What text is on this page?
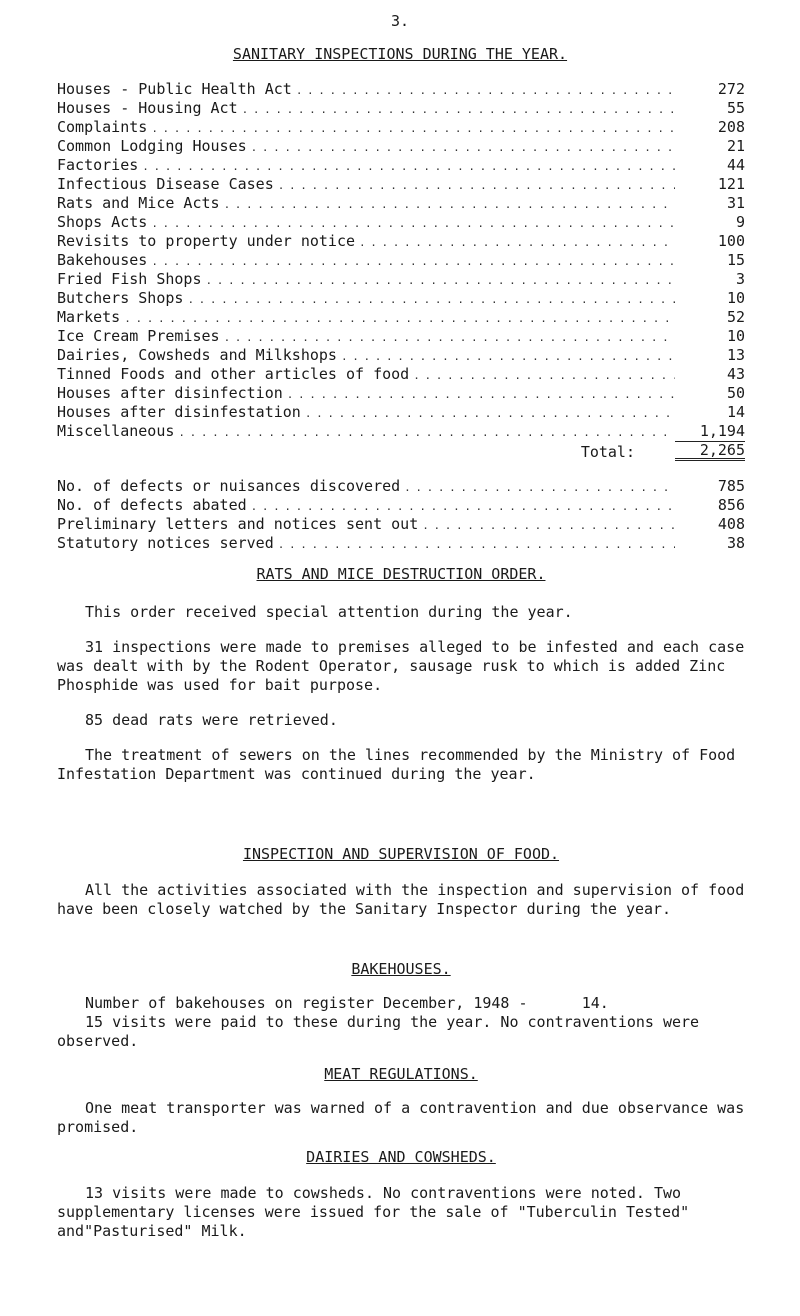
3.
SANITARY INSPECTIONS DURING THE YEAR.
Houses - Public Health Act . . .	272
Houses - Housing Act . . .	55
Complaints . . .	208
Common Lodging Houses . . .	21
Factories . . .	44
Infectious Disease Cases . . .	121
Rats and Mice Acts . . .	31
Shops Acts . . .	9
Revisits to property under notice . . .	100
Bakehouses . . .	15
Fried Fish Shops . . .	3
Butchers Shops . . .	10
Markets . . .	52
Ice Cream Premises . . .	10
Dairies, Cowsheds and Milkshops . . .	13
Tinned Foods and other articles of food . . .	43
Houses after disinfection . . .	50
Houses after disinfestation . . .	14
Miscellaneous . . .	1,194
Total:	2,265
No. of defects or nuisances discovered . . .	785
No. of defects abated . . .	856
Preliminary letters and notices sent out . . .	408
Statutory notices served . . .	38
RATS AND MICE DESTRUCTION ORDER.

This order received special attention during the year.

31 inspections were made to premises alleged to be infested and each case was dealt with by the Rodent Operator, sausage rusk to which is added Zinc Phosphide was used for bait purpose.

85 dead rats were retrieved.

The treatment of sewers on the lines recommended by the Ministry of Food Infestation Department was continued during the year.

INSPECTION AND SUPERVISION OF FOOD.

All the activities associated with the inspection and supervision of food have been closely watched by the Sanitary Inspector during the year.

BAKEHOUSES.

Number of bakehouses on register December, 1948 -      14.

15 visits were paid to these during the year. No contraventions were observed.

MEAT REGULATIONS.

One meat transporter was warned of a contravention and due observance was promised.

DAIRIES AND COWSHEDS.

13 visits were made to cowsheds. No contraventions were noted. Two supplementary licenses were issued for the sale of "Tuberculin Tested" and"Pasturised" Milk.
